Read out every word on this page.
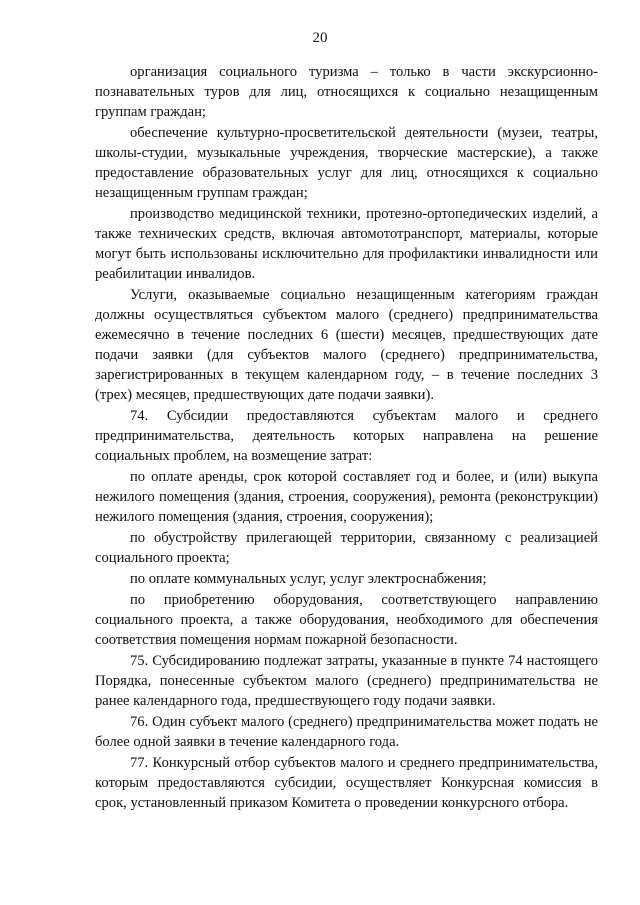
20

организация социального туризма – только в части экскурсионно-познавательных туров для лиц, относящихся к социально незащищенным группам граждан;

обеспечение культурно-просветительской деятельности (музеи, театры, школы-студии, музыкальные учреждения, творческие мастерские), а также предоставление образовательных услуг для лиц, относящихся к социально незащищенным группам граждан;

производство медицинской техники, протезно-ортопедических изделий, а также технических средств, включая автомототранспорт, материалы, которые могут быть использованы исключительно для профилактики инвалидности или реабилитации инвалидов.

Услуги, оказываемые социально незащищенным категориям граждан должны осуществляться субъектом малого (среднего) предпринимательства ежемесячно в течение последних 6 (шести) месяцев, предшествующих дате подачи заявки (для субъектов малого (среднего) предпринимательства, зарегистрированных в текущем календарном году, – в течение последних 3 (трех) месяцев, предшествующих дате подачи заявки).

74. Субсидии предоставляются субъектам малого и среднего предпринимательства, деятельность которых направлена на решение социальных проблем, на возмещение затрат:

по оплате аренды, срок которой составляет год и более, и (или) выкупа нежилого помещения (здания, строения, сооружения), ремонта (реконструкции) нежилого помещения (здания, строения, сооружения);

по обустройству прилегающей территории, связанному с реализацией социального проекта;

по оплате коммунальных услуг, услуг электроснабжения;

по приобретению оборудования, соответствующего направлению социального проекта, а также оборудования, необходимого для обеспечения соответствия помещения нормам пожарной безопасности.

75. Субсидированию подлежат затраты, указанные в пункте 74 настоящего Порядка, понесенные субъектом малого (среднего) предпринимательства не ранее календарного года, предшествующего году подачи заявки.

76. Один субъект малого (среднего) предпринимательства может подать не более одной заявки в течение календарного года.

77. Конкурсный отбор субъектов малого и среднего предпринимательства, которым предоставляются субсидии, осуществляет Конкурсная комиссия в срок, установленный приказом Комитета о проведении конкурсного отбора.
